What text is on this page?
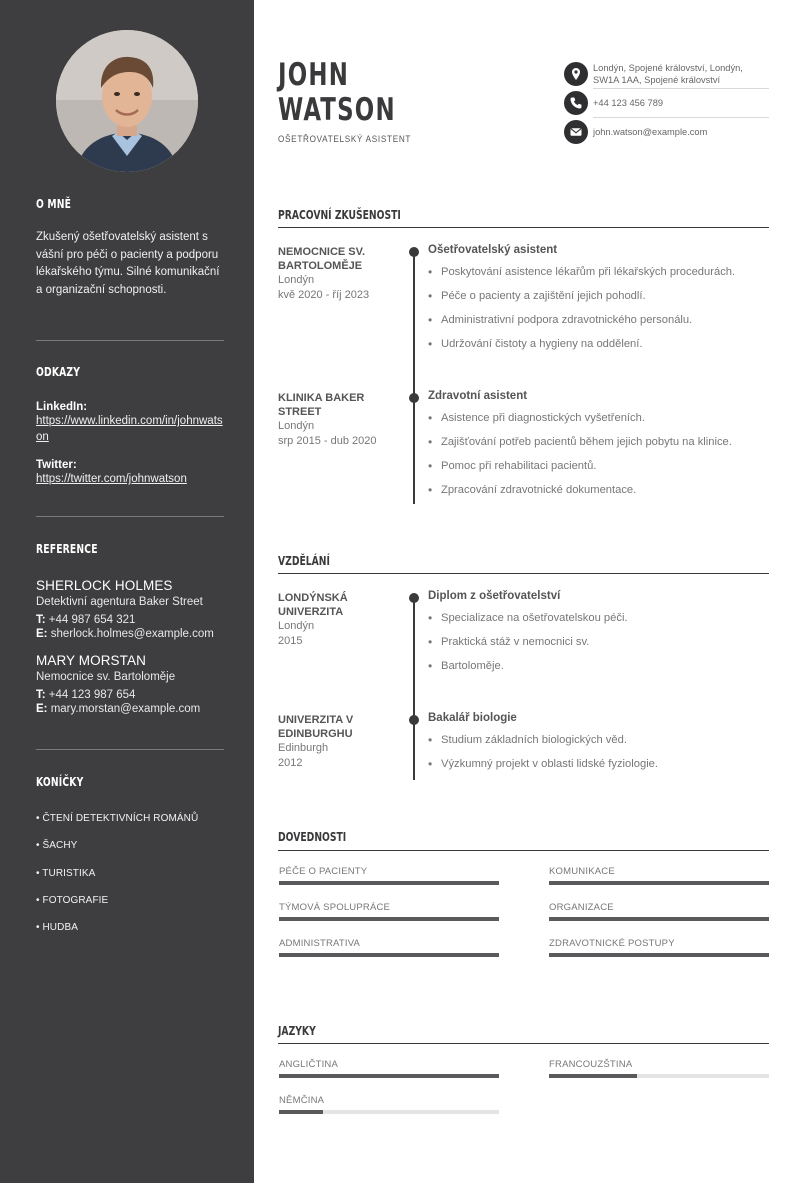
O MNĚ

Zkušený ošetřovatelský asistent s vášní pro péči o pacienty a podporu lékařského týmu. Silné komunikační a organizační schopnosti.

ODKAZY
LinkedIn:
https://www.linkedin.com/in/johnwatson
Twitter:
https://twitter.com/johnwatson
REFERENCE
SHERLOCK HOLMES
Detektivní agentura Baker Street
T: +44 987 654 321
E: sherlock.holmes@example.com
MARY MORSTAN
Nemocnice sv. Bartoloměje
T: +44 123 987 654
E: mary.morstan@example.com
KONÍČKY
• ČTENÍ DETEKTIVNÍCH ROMÁNŮ
• ŠACHY
• TURISTIKA
• FOTOGRAFIE
• HUDBA
JOHN
WATSON
OŠETŘOVATELSKÝ ASISTENT
Londýn, Spojené království, Londýn, SW1A 1AA, Spojené království
+44 123 456 789
john.watson@example.com
PRACOVNÍ ZKUŠENOSTI
NEMOCNICE SV. BARTOLOMĚJE
Londýn
kvě 2020 - říj 2023
Ošetřovatelský asistent
• Poskytování asistence lékařům při lékařských procedurách.
• Péče o pacienty a zajištění jejich pohodlí.
• Administrativní podpora zdravotnického personálu.
• Udržování čistoty a hygieny na oddělení.
KLINIKA BAKER STREET
Londýn
srp 2015 - dub 2020
Zdravotní asistent
• Asistence při diagnostických vyšetřeních.
• Zajišťování potřeb pacientů během jejich pobytu na klinice.
• Pomoc při rehabilitaci pacientů.
• Zpracování zdravotnické dokumentace.
VZDĚLÁNÍ
LONDÝNSKÁ UNIVERZITA
Londýn
2015
Diplom z ošetřovatelství
• Specializace na ošetřovatelskou péči.
• Praktická stáž v nemocnici sv.
• Bartoloměje.
UNIVERZITA V EDINBURGHU
Edinburgh
2012
Bakalář biologie
• Studium základních biologických věd.
• Výzkumný projekt v oblasti lidské fyziologie.
DOVEDNOSTI
PÉČE O PACIENTY	KOMUNIKACE
TÝMOVÁ SPOLUPRÁCE	ORGANIZACE
ADMINISTRATIVA	ZDRAVOTNICKÉ POSTUPY
JAZYKY
ANGLIČTINA	FRANCOUZŠTINA
NĚMČINA
